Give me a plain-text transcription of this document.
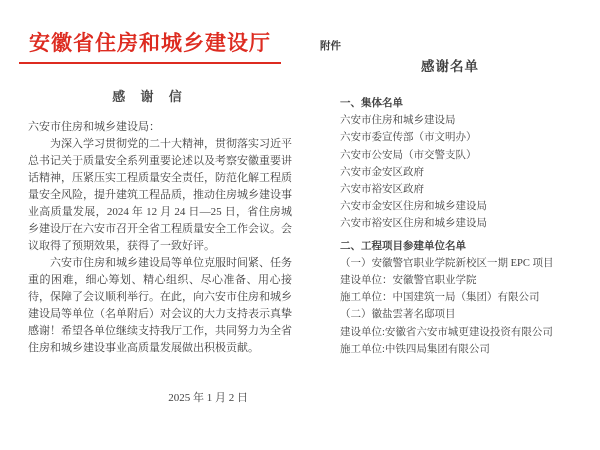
安徽省住房和城乡建设厅
感 谢 信
六安市住房和城乡建设局：

为深入学习贯彻党的二十大精神，贯彻落实习近平总书记关于质量安全系列重要论述以及考察安徽重要讲话精神，压紧压实工程质量安全责任，防范化解工程质量安全风险，提升建筑工程品质，推动住房城乡建设事业高质量发展，2024 年 12 月 24 日—25 日，省住房城乡建设厅在六安市召开全省工程质量安全工作会议。会议取得了预期效果，获得了一致好评。

六安市住房和城乡建设局等单位克服时间紧、任务重的困难，细心筹划、精心组织、尽心准备、用心接待，保障了会议顺利举行。在此，向六安市住房和城乡建设局等单位（名单附后）对会议的大力支持表示真挚感谢！希望各单位继续支持我厅工作，共同努力为全省住房和城乡建设事业高质量发展做出积极贡献。

2025 年 1 月 2 日
附件
感谢名单
一、集体名单
六安市住房和城乡建设局
六安市委宣传部（市文明办）
六安市公安局（市交警支队）
六安市金安区政府
六安市裕安区政府
六安市金安区住房和城乡建设局
六安市裕安区住房和城乡建设局
二、工程项目参建单位名单
（一）安徽警官职业学院新校区一期 EPC 项目
建设单位：安徽警官职业学院
施工单位：中国建筑一局（集团）有限公司
（二）徽盐雲著名邸项目
建设单位:安徽省六安市城更建设投资有限公司
施工单位:中铁四局集团有限公司
